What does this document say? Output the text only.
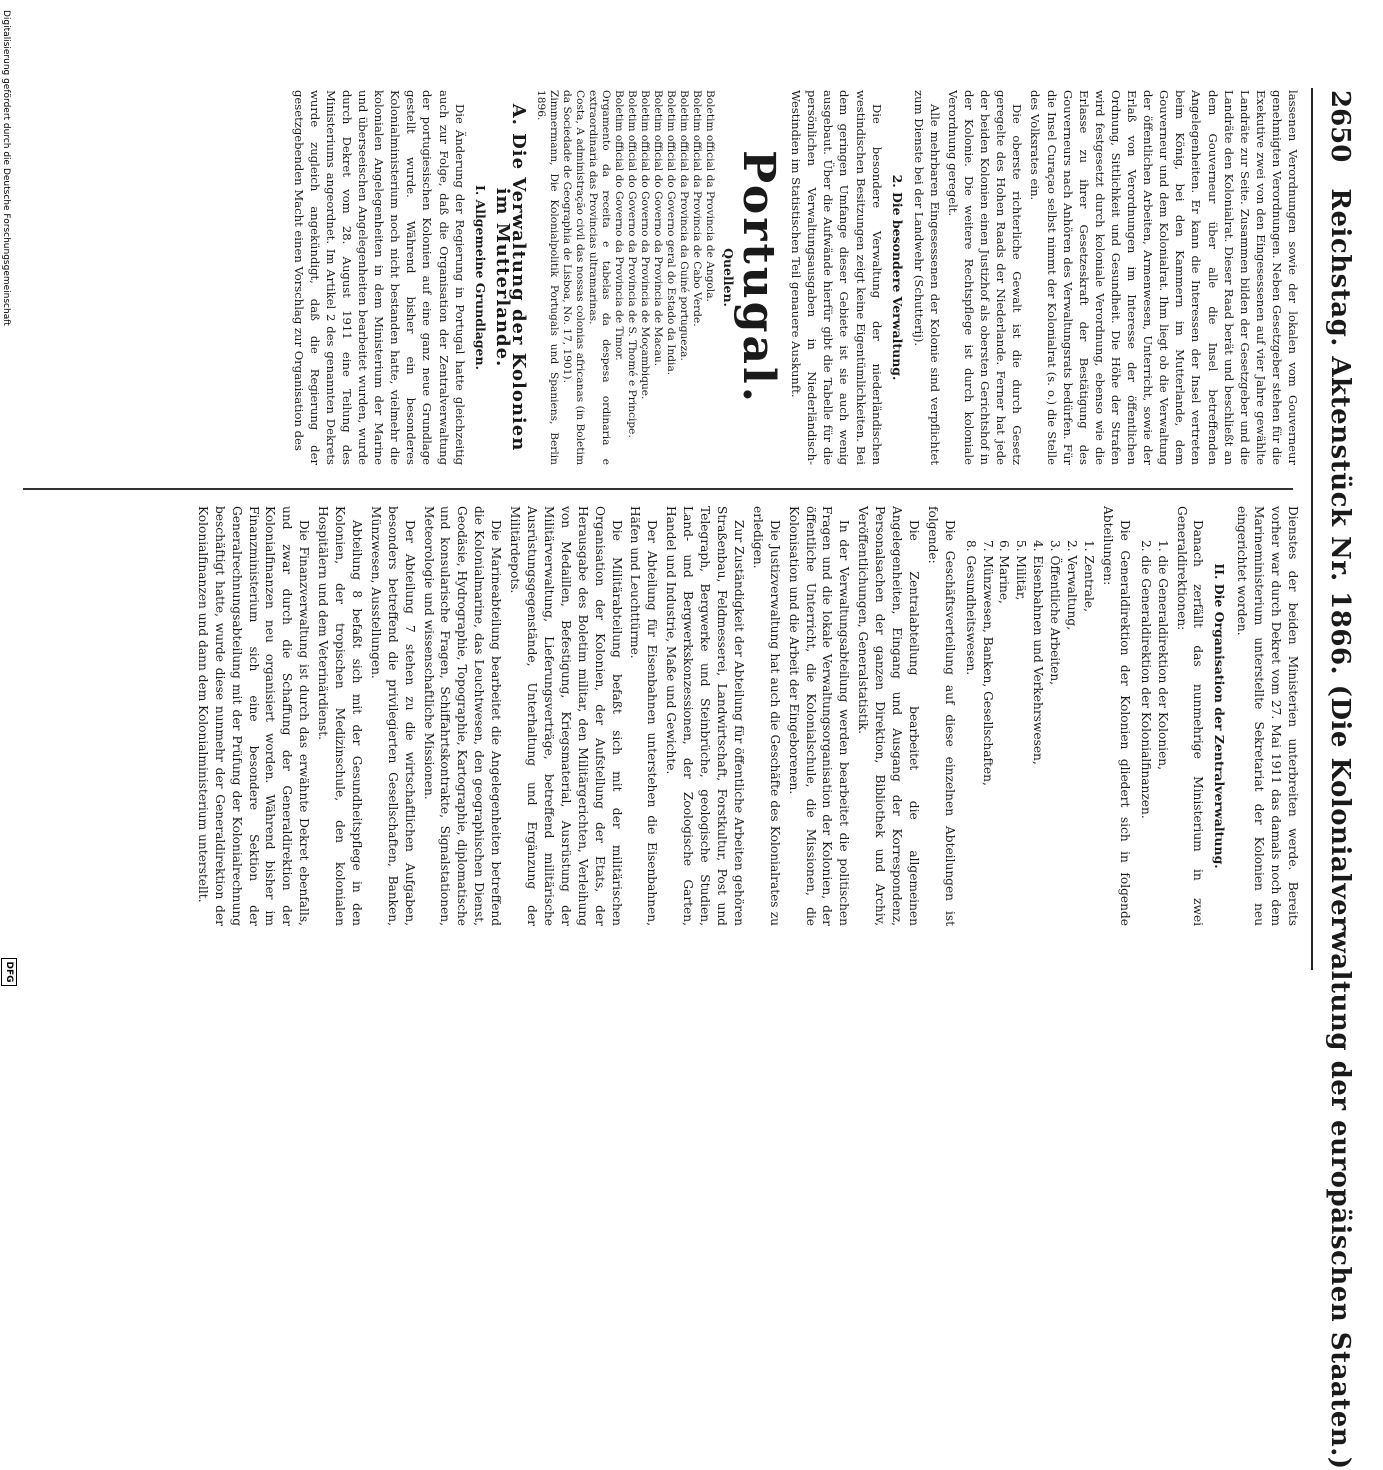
2650
Reichstag. Aktenstück Nr. 1866. (Die Kolonialverwaltung der europäischen Staaten.)

lassenen Verordnungen sowie der lokalen vom Gouverneur genehmigten Verordnungen. Neben Gesetzgeber stehen für die Exekutive zwei von den Eingesessenen auf vier Jahre gewählte Landräte zur Seite. Zusammen bilden der Gesetzgeber und die Landräte den Kolonialrat. Dieser Raad berät und beschließt an dem Gouverneur über alle die Insel betreffenden Angelegenheiten. Er kann die Interessen der Insel vertreten beim König, bei den Kammern im Mutterlande, dem Gouverneur und dem Kolonialrat. Ihm liegt ob die Verwaltung der öffentlichen Arbeiten, Armenwesen, Unterricht, sowie der Erlaß von Verordnungen im Interesse der öffentlichen Ordnung, Sittlichkeit und Gesundheit. Die Höhe der Strafen wird festgesetzt durch koloniale Verordnung, ebenso wie die Erlasse zu ihrer Gesetzeskraft der Bestätigung des Gouverneurs nach Anhören des Verwaltungsrats bedürfen. Für die Insel Curaçao selbst nimmt der Kolonialrat (s. o.) die Stelle des Volksrates ein.

Die oberste richterliche Gewalt ist die durch Gesetz geregelte des Hohen Raads der Niederlande. Ferner hat jede der beiden Kolonien einen Justizhof als obersten Gerichtshof in der Kolonie. Die weitere Rechtspflege ist durch koloniale Verordnung geregelt.

Alle mehrbaren Eingesessenen der Kolonie sind verpflichtet zum Dienste bei der Landwehr (Schutterij).

2. Die besondere Verwaltung.

Die besondere Verwaltung der niederländischen westindischen Besitzungen zeigt keine Eigentümlichkeiten. Bei dem geringen Umfange dieser Gebiete ist sie auch wenig ausgebaut. Über die Aufwände hierfür gibt die Tabelle für die persönlichen Verwaltungsausgaben in Niederländisch-Westindien im Statistischen Teil genauere Auskunft.

Portugal.
Quellen.
Boletim official da Provincia de Angola.
Boletim official da Provincia de Cabo Verde.
Boletim official da Provincia da Guiné portugueza.
Boletim official do Governo geral do Estado da India.
Boletim official do Governo da Provincia de Macau.
Boletim official do Governo da Provincia de Moçambique.
Boletim official do Governo da Provincia de S. Thomé e Principe.
Boletim official do Governo da Provincia de Timor.
Orgamento da receita e tabelas da despesa ordinaria e extraordinaria das Provincias ultramarinas.
Costa, A administração civil das nossas colonias africanas (in Boletim da Sociedade de Geographia de Lisboa, No. 17, 1901).
Zimmermann, Die Kolonialpolitik Portugals und Spaniens, Berlin 1896.
A. Die Verwaltung der Kolonien im Mutterlande.
I. Allgemeine Grundlagen.

Die Änderung der Regierung in Portugal hatte gleichzeitig auch zur Folge, daß die Organisation der Zentralverwaltung der portugiesischen Kolonien auf eine ganz neue Grundlage gestellt wurde. Während bisher ein besonderes Kolonialministerium noch nicht bestanden hatte, vielmehr die kolonialen Angelegenheiten in dem Ministerium der Marine und überseeischen Angelegenheiten bearbeitet wurden, wurde durch Dekret vom 28. August 1911 eine Teilung des Ministeriums angeordnet. Im Artikel 2 des genannten Dekrets wurde zugleich angekündigt, daß die Regierung der gesetzgebenden Macht einen Vorschlag zur Organisation des

Dienstes der beiden Ministerien unterbreiten werde. Bereits vorher war durch Dekret vom 27. Mai 1911 das damals noch dem Marineministerium unterstellte Sekretariat der Kolonien neu eingerichtet worden.

II. Die Organisation der Zentralverwaltung.

Danach zerfällt das nunmehrige Ministerium in zwei Generaldirektionen:

1. die Generaldirektion der Kolonien,
2. die Generaldirektion der Kolonialfinanzen.

Die Generaldirektion der Kolonien gliedert sich in folgende Abteilungen:

1. Zentrale,
2. Verwaltung,
3. Öffentliche Arbeiten,
4. Eisenbahnen und Verkehrswesen,
5. Militär,
6. Marine,
7. Münzwesen, Banken, Gesellschaften,
8. Gesundheitswesen.

Die Geschäftsverteilung auf diese einzelnen Abteilungen ist folgende:

Die Zentralabteilung bearbeitet die allgemeinen Angelegenheiten, Eingang und Ausgang der Korrespondenz, Personalsachen der ganzen Direktion, Bibliothek und Archiv, Veröffentlichungen, Generalstatistik.

In der Verwaltungsabteilung werden bearbeitet die politischen Fragen und die lokale Verwaltungsorganisation der Kolonien, der öffentliche Unterricht, die Kolonialschule, die Missionen, die Kolonisation und die Arbeit der Eingeborenen.

Die Justizverwaltung hat auch die Geschäfte des Kolonialrates zu erledigen.

Zur Zuständigkeit der Abteilung für öffentliche Arbeiten gehören Straßenbau, Feldmesserei, Landwirtschaft, Forstkultur, Post und Telegraph, Bergwerke und Steinbrüche, geologische Studien, Land- und Bergwerkskonzessionen, der Zoologische Garten, Handel und Industrie, Maße und Gewichte.

Der Abteilung für Eisenbahnen unterstehen die Eisenbahnen, Häfen und Leuchttürme.

Die Militärabteilung befaßt sich mit der militärischen Organisation der Kolonien, der Aufstellung der Etats, der Herausgabe des Boletim militar, den Militärgerichten, Verleihung von Medaillen, Befestigung, Kriegsmaterial, Ausrüstung der Militärverwaltung, Lieferungsverträge, betreffend militärische Ausrüstungsgegenstände, Unterhaltung und Ergänzung der Militärdepots.

Die Marineabteilung bearbeitet die Angelegenheiten betreffend die Kolonialmarine, das Leuchtwesen, den geographischen Dienst, Geodäsie, Hydrographie, Topographie, Kartographie, diplomatische und konsularische Fragen, Schiffahrtskontrakte, Signalstationen, Meteorologie und wissenschaftliche Missionen.

Der Abteilung 7 stehen zu die wirtschaftlichen Aufgaben, besonders betreffend die privilegierten Gesellschaften, Banken, Münzwesen, Ausstellungen.

Abteilung 8 befaßt sich mit der Gesundheitspflege in den Kolonien, der tropischen Medizinschule, den kolonialen Hospitälern und dem Veterinärdienst.

Die Finanzverwaltung ist durch das erwähnte Dekret ebenfalls, und zwar durch die Schaffung der Generaldirektion der Kolonialfinanzen neu organisiert worden. Während bisher im Finanzministerium sich eine besondere Sektion der Generalrechnungsabteilung mit der Prüfung der Kolonialrechnung beschäftigt hatte, wurde diese nunmehr der Generaldirektion der Kolonialfinanzen und dann dem Kolonialministerium unterstellt.

Digitalisierung gefördert durch die Deutsche Forschungsgemeinschaft
DFG
